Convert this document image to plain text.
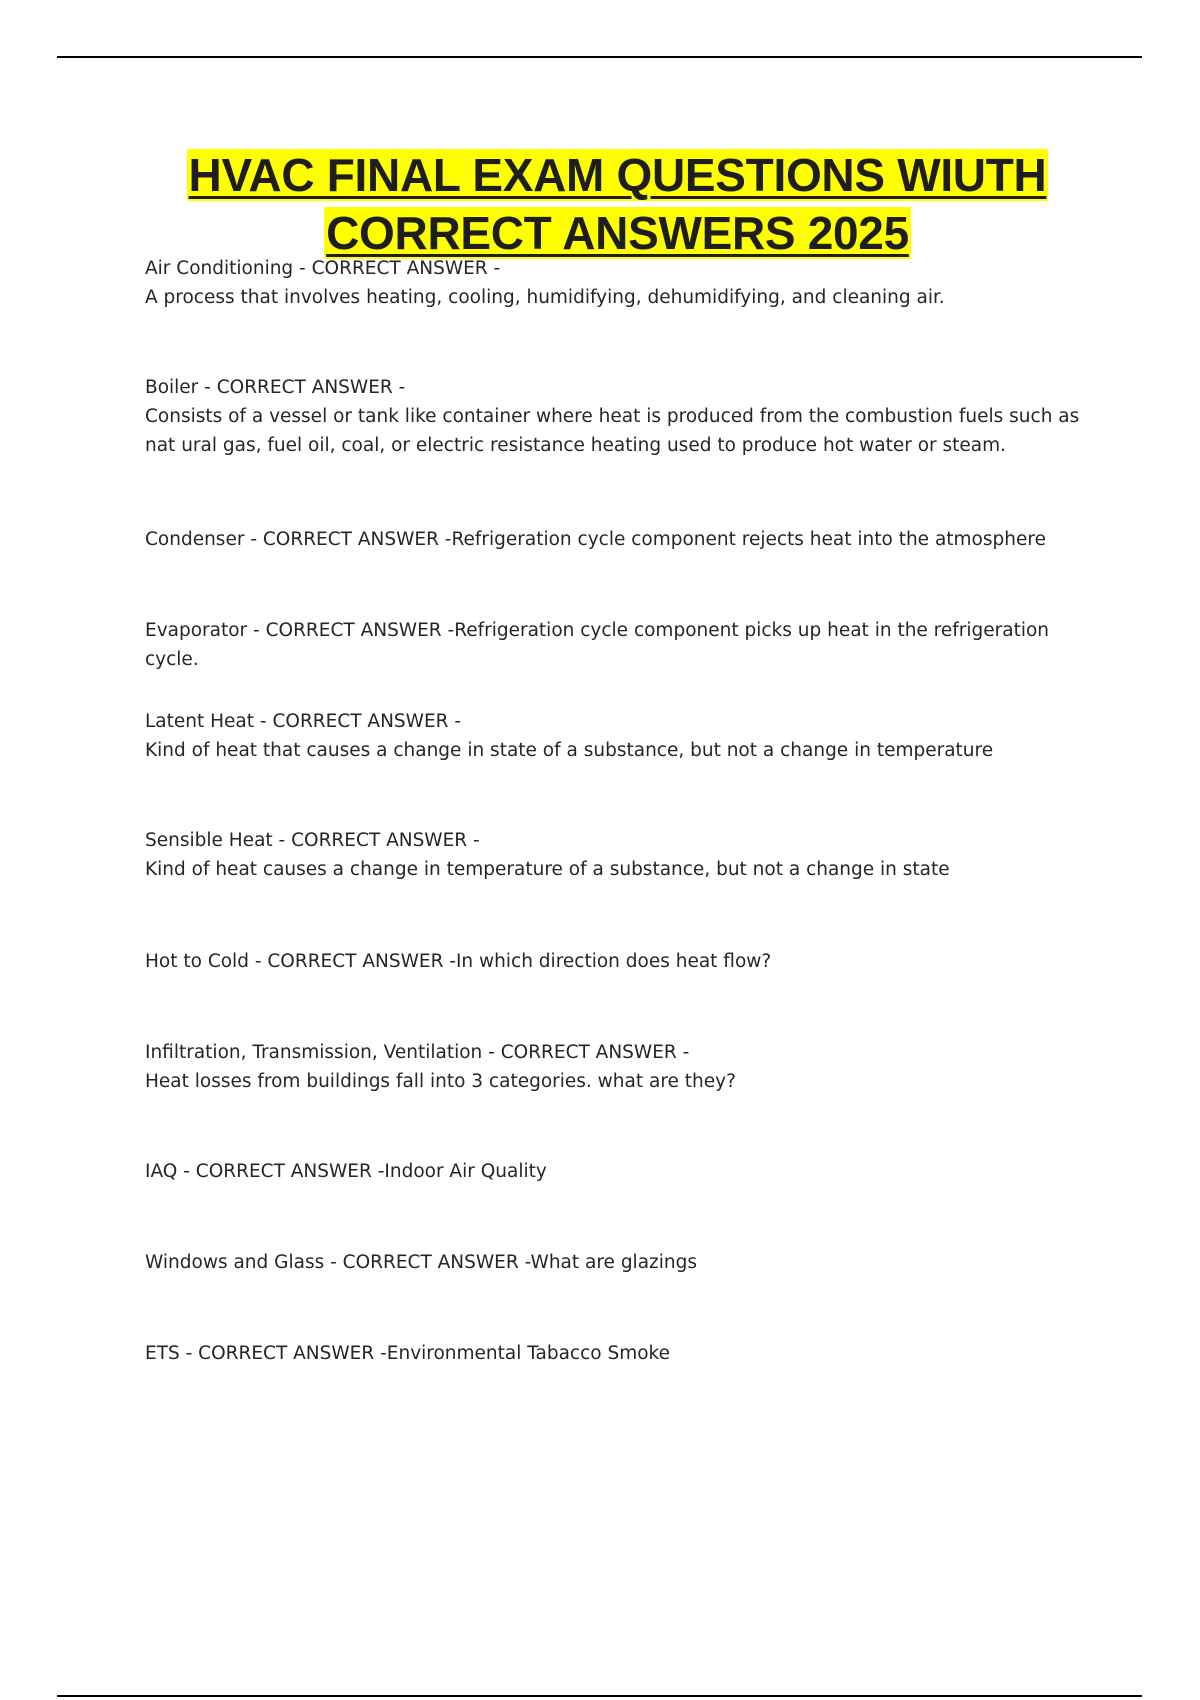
HVAC FINAL EXAM QUESTIONS WIUTH CORRECT ANSWERS 2025
Air Conditioning - CORRECT ANSWER -
A process that involves heating, cooling, humidifying, dehumidifying, and cleaning air.
Boiler - CORRECT ANSWER -
Consists of a vessel or tank like container where heat is produced from the combustion fuels such as nat ural gas, fuel oil, coal, or electric resistance heating used to produce hot water or steam.
Condenser - CORRECT ANSWER -Refrigeration cycle component rejects heat into the atmosphere
Evaporator - CORRECT ANSWER -Refrigeration cycle component picks up heat in the refrigeration cycle.
Latent Heat - CORRECT ANSWER -
Kind of heat that causes a change in state of a substance, but not a change in temperature
Sensible Heat - CORRECT ANSWER -
Kind of heat causes a change in temperature of a substance, but not a change in state
Hot to Cold - CORRECT ANSWER -In which direction does heat flow?
Infiltration, Transmission, Ventilation - CORRECT ANSWER -
Heat losses from buildings fall into 3 categories. what are they?
IAQ - CORRECT ANSWER -Indoor Air Quality
Windows and Glass - CORRECT ANSWER -What are glazings
ETS - CORRECT ANSWER -Environmental Tabacco Smoke
